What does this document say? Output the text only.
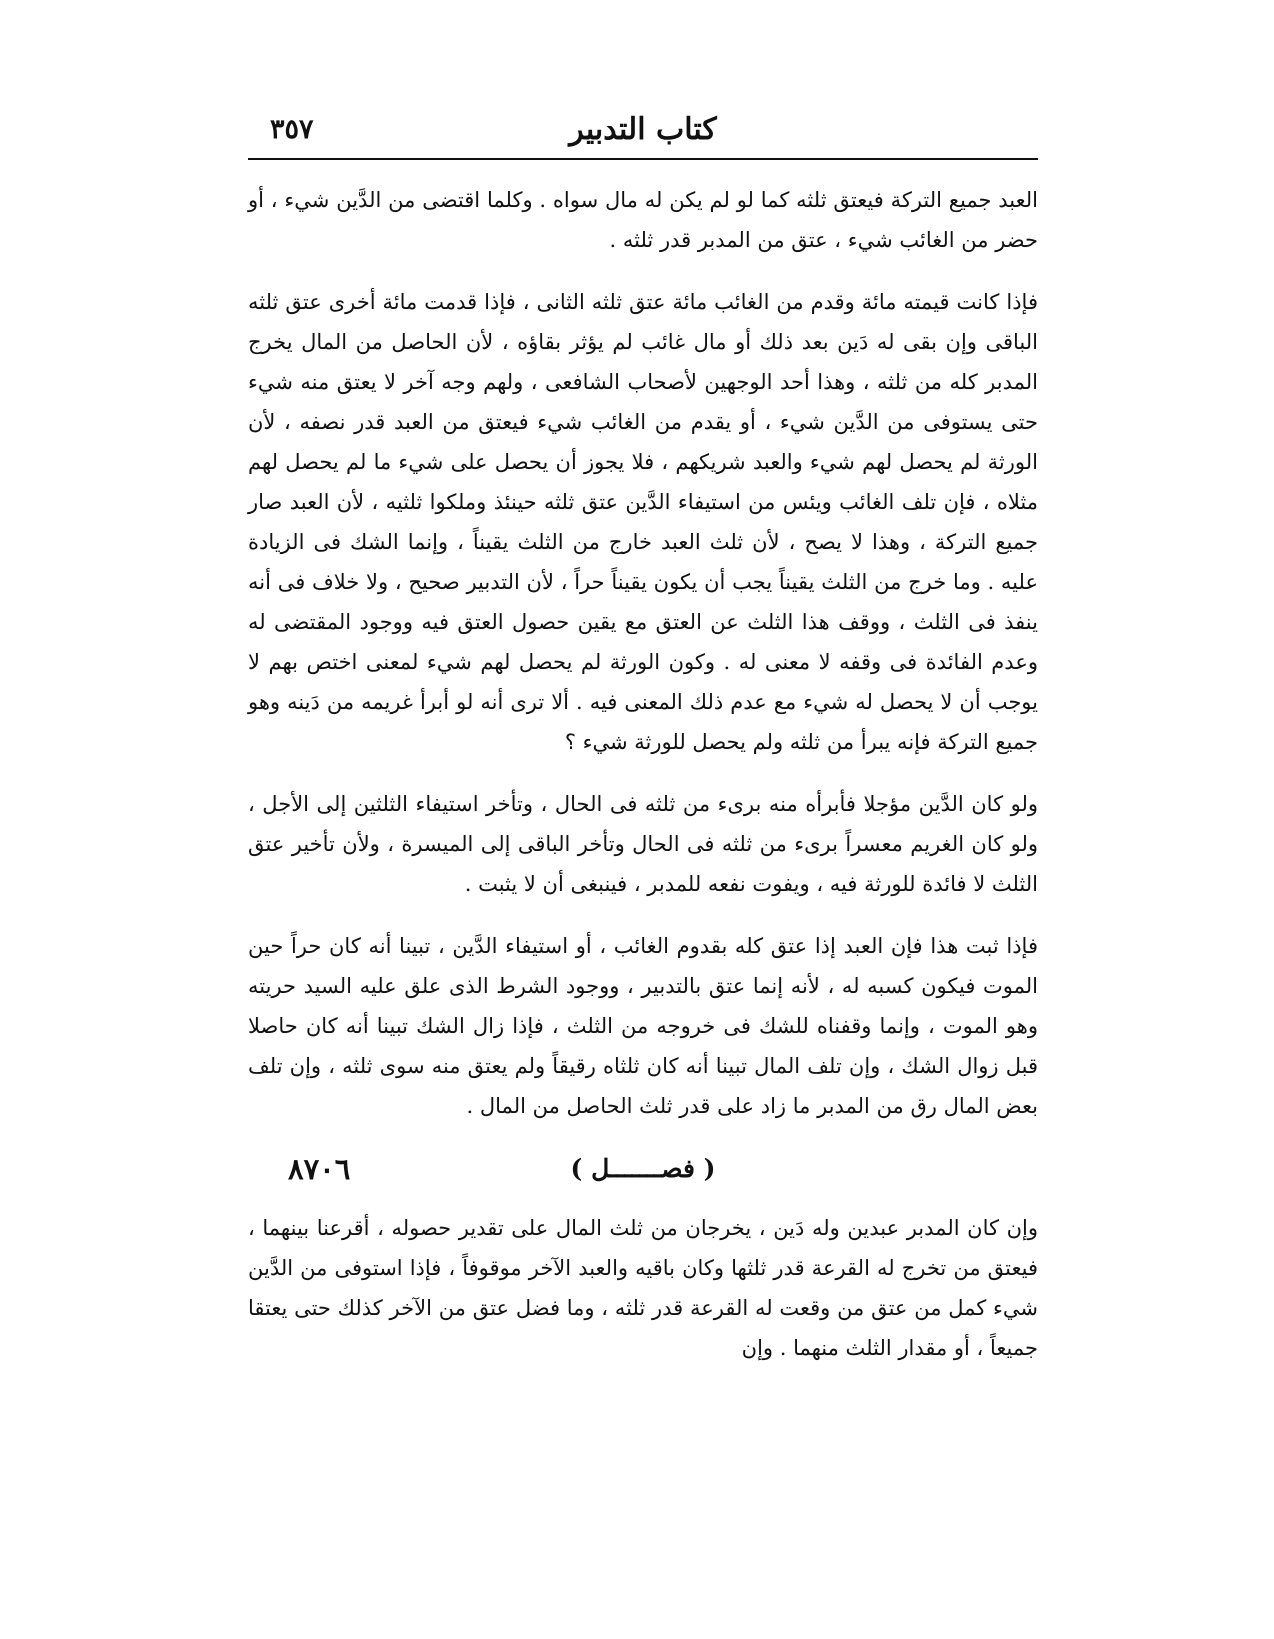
كتاب التدبير
٣٥٧

العبد جميع التركة فيعتق ثلثه كما لو لم يكن له مال سواه . وكلما اقتضى من الدَّين شيء ، أو حضر من الغائب شيء ، عتق من المدبر قدر ثلثه .

فإذا كانت قيمته مائة وقدم من الغائب مائة عتق ثلثه الثانى ، فإذا قدمت مائة أخرى عتق ثلثه الباقى وإن بقى له دَين بعد ذلك أو مال غائب لم يؤثر بقاؤه ، لأن الحاصل من المال يخرج المدبر كله من ثلثه ، وهذا أحد الوجهين لأصحاب الشافعى ، ولهم وجه آخر لا يعتق منه شيء حتى يستوفى من الدَّين شيء ، أو يقدم من الغائب شيء فيعتق من العبد قدر نصفه ، لأن الورثة لم يحصل لهم شيء والعبد شريكهم ، فلا يجوز أن يحصل على شيء ما لم يحصل لهم مثلاه ، فإن تلف الغائب ويئس من استيفاء الدَّين عتق ثلثه حينئذ وملكوا ثلثيه ، لأن العبد صار جميع التركة ، وهذا لا يصح ، لأن ثلث العبد خارج من الثلث يقيناً ، وإنما الشك فى الزيادة عليه . وما خرج من الثلث يقيناً يجب أن يكون يقيناً حراً ، لأن التدبير صحيح ، ولا خلاف فى أنه ينفذ فى الثلث ، ووقف هذا الثلث عن العتق مع يقين حصول العتق فيه ووجود المقتضى له وعدم الفائدة فى وقفه لا معنى له . وكون الورثة لم يحصل لهم شيء لمعنى اختص بهم لا يوجب أن لا يحصل له شيء مع عدم ذلك المعنى فيه . ألا ترى أنه لو أبرأ غريمه من دَينه وهو جميع التركة فإنه يبرأ من ثلثه ولم يحصل للورثة شيء ؟

ولو كان الدَّين مؤجلا فأبرأه منه برىء من ثلثه فى الحال ، وتأخر استيفاء الثلثين إلى الأجل ، ولو كان الغريم معسراً برىء من ثلثه فى الحال وتأخر الباقى إلى الميسرة ، ولأن تأخير عتق الثلث لا فائدة للورثة فيه ، ويفوت نفعه للمدبر ، فينبغى أن لا يثبت .

فإذا ثبت هذا فإن العبد إذا عتق كله بقدوم الغائب ، أو استيفاء الدَّين ، تبينا أنه كان حراً حين الموت فيكون كسبه له ، لأنه إنما عتق بالتدبير ، ووجود الشرط الذى علق عليه السيد حريته وهو الموت ، وإنما وقفناه للشك فى خروجه من الثلث ، فإذا زال الشك تبينا أنه كان حاصلا قبل زوال الشك ، وإن تلف المال تبينا أنه كان ثلثاه رقيقاً ولم يعتق منه سوى ثلثه ، وإن تلف بعض المال رق من المدبر ما زاد على قدر ثلث الحاصل من المال .

( فصـــــــل )
٨٧٠٦

وإن كان المدبر عبدين وله دَين ، يخرجان من ثلث المال على تقدير حصوله ، أقرعنا بينهما ، فيعتق من تخرج له القرعة قدر ثلثها وكان باقيه والعبد الآخر موقوفاً ، فإذا استوفى من الدَّين شيء كمل من عتق من وقعت له القرعة قدر ثلثه ، وما فضل عتق من الآخر كذلك حتى يعتقا جميعاً ، أو مقدار الثلث منهما . وإن
